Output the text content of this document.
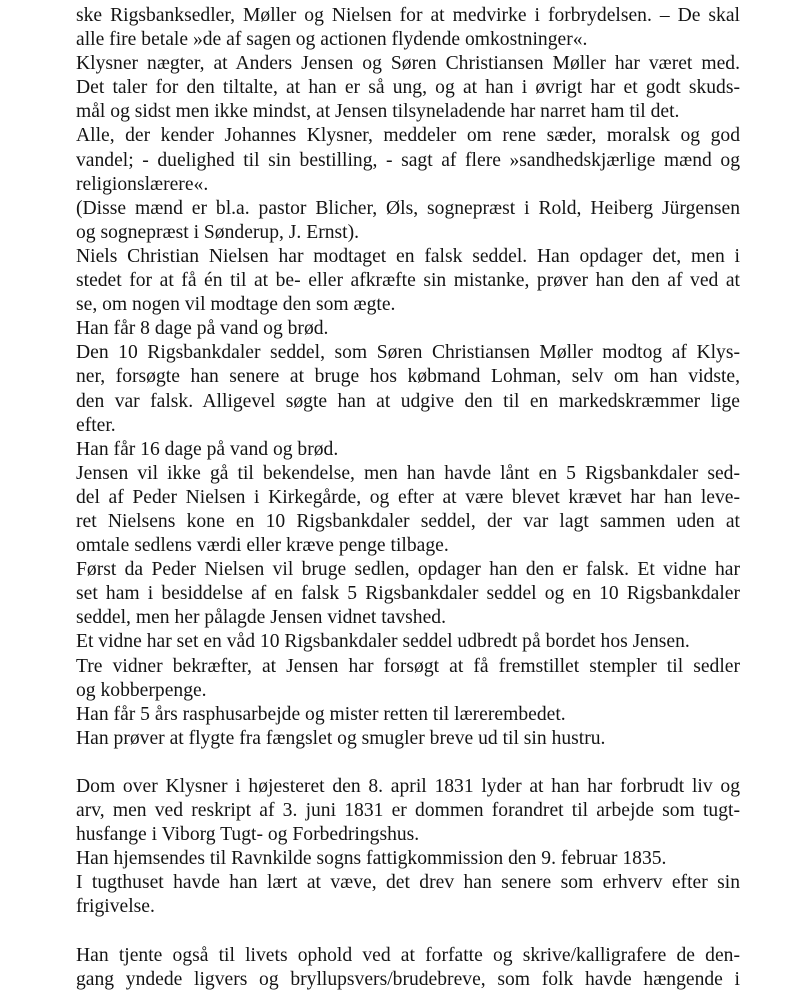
ske Rigsbanksedler, Møller og Nielsen for at medvirke i forbrydelsen. – De skal
alle fire betale »de af sagen og actionen flydende omkostninger«.
Klysner nægter, at Anders Jensen og Søren Christiansen Møller har været med.
Det taler for den tiltalte, at han er så ung, og at han i øvrigt har et godt skuds-
mål og sidst men ikke mindst, at Jensen tilsyneladende har narret ham til det.
Alle, der kender Johannes Klysner, meddeler om rene sæder, moralsk og god
vandel; - duelighed til sin bestilling, - sagt af flere »sandhedskjærlige mænd og
religionslærere«.
(Disse mænd er bl.a. pastor Blicher, Øls, sognepræst i Rold, Heiberg Jürgensen
og sognepræst i Sønderup, J. Ernst).
Niels Christian Nielsen har modtaget en falsk seddel. Han opdager det, men i
stedet for at få én til at be- eller afkræfte sin mistanke, prøver han den af ved at
se, om nogen vil modtage den som ægte.
Han får 8 dage på vand og brød.
Den 10 Rigsbankdaler seddel, som Søren Christiansen Møller modtog af Klys-
ner, forsøgte han senere at bruge hos købmand Lohman, selv om han vidste,
den var falsk. Alligevel søgte han at udgive den til en markedskræmmer lige
efter.
Han får 16 dage på vand og brød.
Jensen vil ikke gå til bekendelse, men han havde lånt en 5 Rigsbankdaler sed-
del af Peder Nielsen i Kirkegårde, og efter at være blevet krævet har han leve-
ret Nielsens kone en 10 Rigsbankdaler seddel, der var lagt sammen uden at
omtale sedlens værdi eller kræve penge tilbage.
Først da Peder Nielsen vil bruge sedlen, opdager han den er falsk. Et vidne har
set ham i besiddelse af en falsk 5 Rigsbankdaler seddel og en 10 Rigsbankdaler
seddel, men her pålagde Jensen vidnet tavshed.
Et vidne har set en våd 10 Rigsbankdaler seddel udbredt på bordet hos Jensen.
Tre vidner bekræfter, at Jensen har forsøgt at få fremstillet stempler til sedler
og kobberpenge.
Han får 5 års rasphusarbejde og mister retten til lærerembedet.
Han prøver at flygte fra fængslet og smugler breve ud til sin hustru.
Dom over Klysner i højesteret den 8. april 1831 lyder at han har forbrudt liv og
arv, men ved reskript af 3. juni 1831 er dommen forandret til arbejde som tugt-
husfange i Viborg Tugt- og Forbedringshus.
Han hjemsendes til Ravnkilde sogns fattigkommission den 9. februar 1835.
I tugthuset havde han lært at væve, det drev han senere som erhverv efter sin
frigivelse.
Han tjente også til livets ophold ved at forfatte og skrive/kalligrafere de den-
gang yndede ligvers og bryllupsvers/brudebreve, som folk havde hængende i
